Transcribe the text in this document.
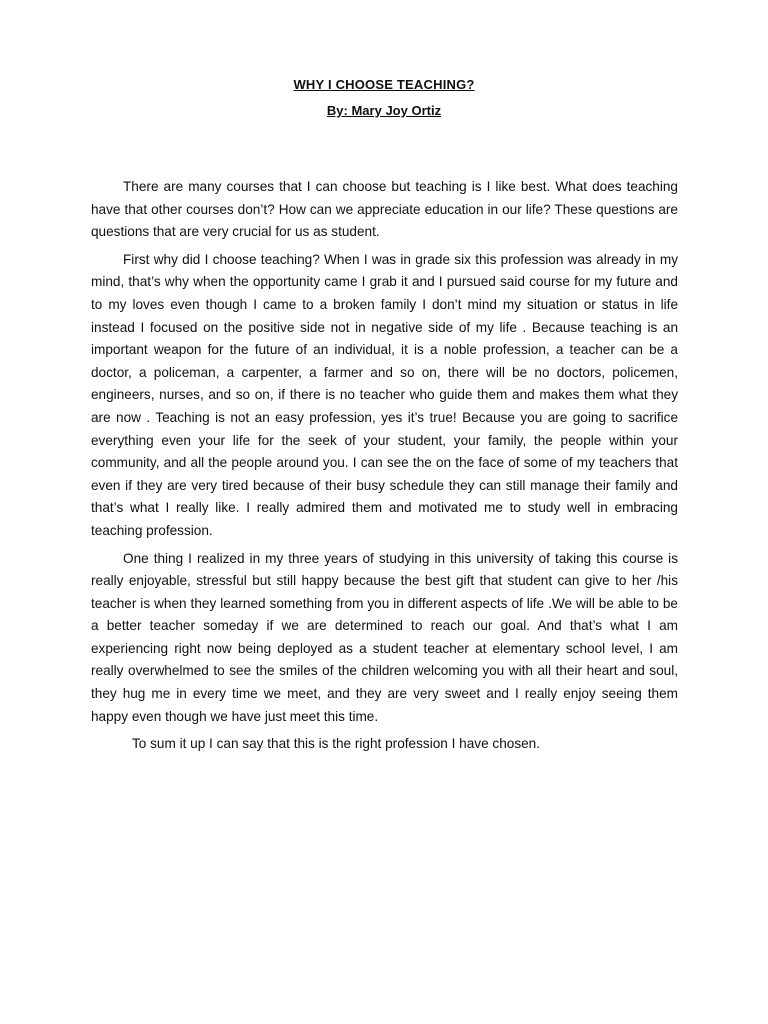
WHY I CHOOSE TEACHING?
By: Mary Joy Ortiz

There are many courses that I can choose but teaching is I like best. What does teaching have that other courses don’t? How can we appreciate education in our life? These questions are questions that are very crucial for us as student.

First why did I choose teaching? When I was in grade six this profession was already in my mind, that’s why when the opportunity came I grab it and I pursued said course for my future and to my loves even though I came to a broken family I don’t mind my situation or status in life instead I focused on the positive side not in negative side of my life . Because teaching is an important weapon for the future of an individual, it is a noble profession, a teacher can be a doctor, a policeman, a carpenter, a farmer and so on, there will be no doctors, policemen, engineers, nurses, and so on, if there is no teacher who guide them and makes them what they are now . Teaching is not an easy profession, yes it’s true! Because you are going to sacrifice everything even your life for the seek of your student, your family, the people within your community, and all the people around you. I can see the on the face of some of my teachers that even if they are very tired because of their busy schedule they can still manage their family and that’s what I really like. I really admired them and motivated me to study well in embracing teaching profession.

One thing I realized in my three years of studying in this university of taking this course is really enjoyable, stressful but still happy because the best gift that student can give to her /his teacher is when they learned something from you in different aspects of life .We will be able to be a better teacher someday if we are determined to reach our goal. And that’s what I am experiencing right now being deployed as a student teacher at elementary school level, I am really overwhelmed to see the smiles of the children welcoming you with all their heart and soul, they hug me in every time we meet, and they are very sweet and I really enjoy seeing them happy even though we have just meet this time.

To sum it up I can say that this is the right profession I have chosen.
